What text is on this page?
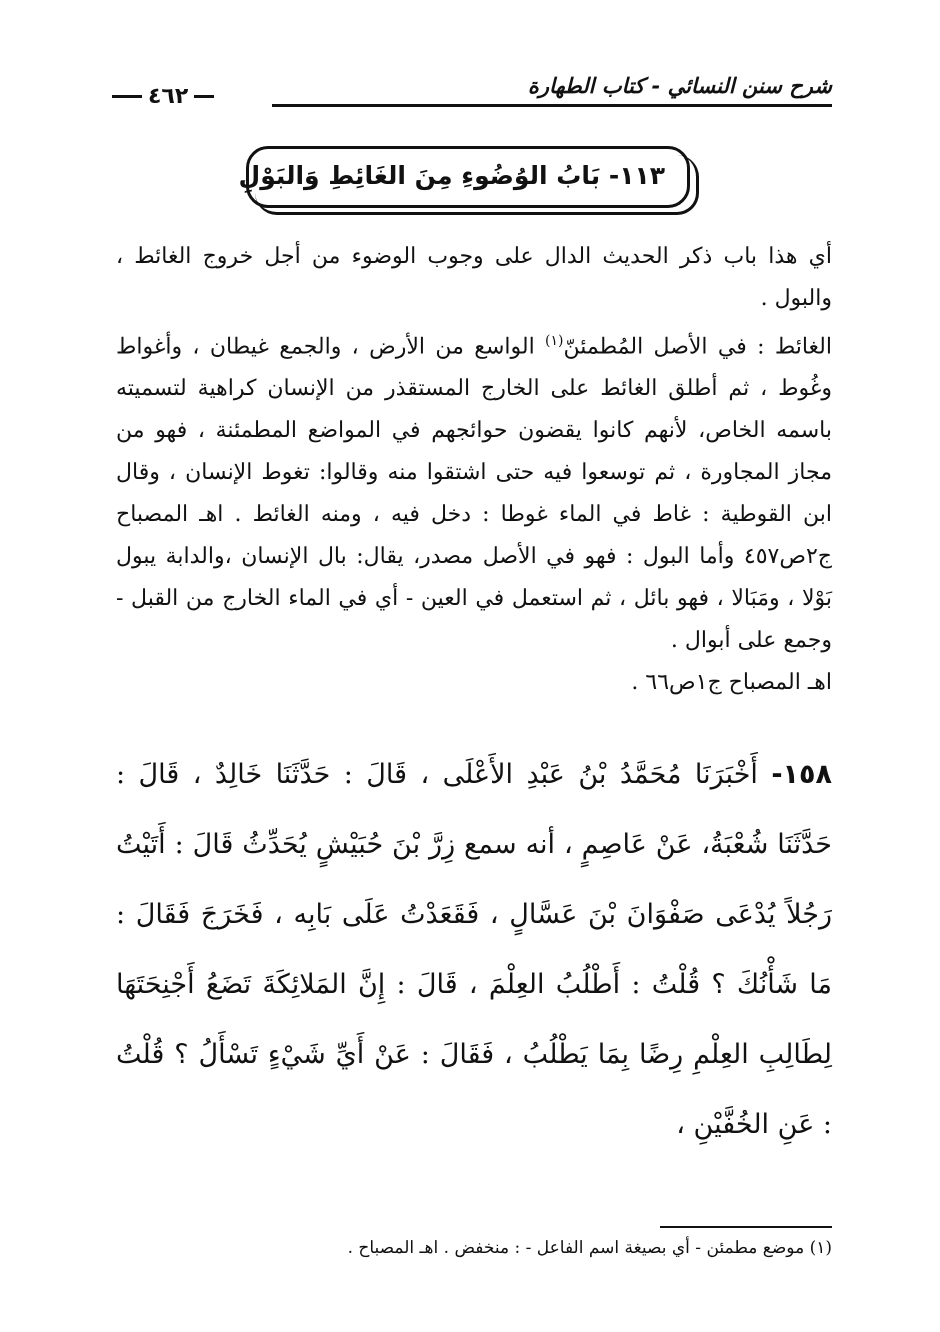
شرح سنن النسائي - كتاب الطهارة
٤٦٢
١١٣- بَابُ الوُضُوءِ مِنَ الغَائِطِ وَالبَوْلِ

أي هذا باب ذكر الحديث الدال على وجوب الوضوء من أجل خروج الغائط ، والبول .

الغائط : في الأصل المُطمئنّ$^{(١)}$ الواسع من الأرض ، والجمع غيطان ، وأغواط وغُوط ، ثم أطلق الغائط على الخارج المستقذر من الإنسان كراهية لتسميته باسمه الخاص، لأنهم كانوا يقضون حوائجهم في المواضع المطمئنة ، فهو من مجاز المجاورة ، ثم توسعوا فيه حتى اشتقوا منه وقالوا: تغوط الإنسان ، وقال ابن القوطية : غاط في الماء غوطا : دخل فيه ، ومنه الغائط . اهـ المصباح ج٢ص٤٥٧ وأما البول : فهو في الأصل مصدر، يقال: بال الإنسان ،والدابة يبول بَوْلا ، ومَبَالا ، فهو بائل ، ثم استعمل في العين - أي في الماء الخارج من القبل - وجمع على أبوال .

اهـ المصباح ج١ص٦٦ .

١٥٨- أَخْبَرَنَا مُحَمَّدُ بْنُ عَبْدِ الأَعْلَى ، قَالَ : حَدَّثَنَا خَالِدٌ ، قَالَ : حَدَّثَنَا شُعْبَةُ، عَنْ عَاصِمٍ ، أنه سمع زِرَّ بْنَ حُبَيْشٍ يُحَدِّثُ قَالَ : أَتَيْتُ رَجُلاً يُدْعَى صَفْوَانَ بْنَ عَسَّالٍ ، فَقَعَدْتُ عَلَى بَابِه ، فَخَرَجَ فَقَالَ : مَا شَأْنُكَ ؟ قُلْتُ : أَطْلُبُ العِلْمَ ، قَالَ : إِنَّ المَلائِكَةَ تَضَعُ أَجْنِحَتَهَا لِطَالِبِ العِلْمِ رِضًا بِمَا يَطْلُبُ ، فَقَالَ : عَنْ أَيِّ شَيْءٍ تَسْأَلُ ؟ قُلْتُ : عَنِ الخُفَّيْنِ ،

(١) موضع مطمئن - أي بصيغة اسم الفاعل - : منخفض . اهـ المصباح .
